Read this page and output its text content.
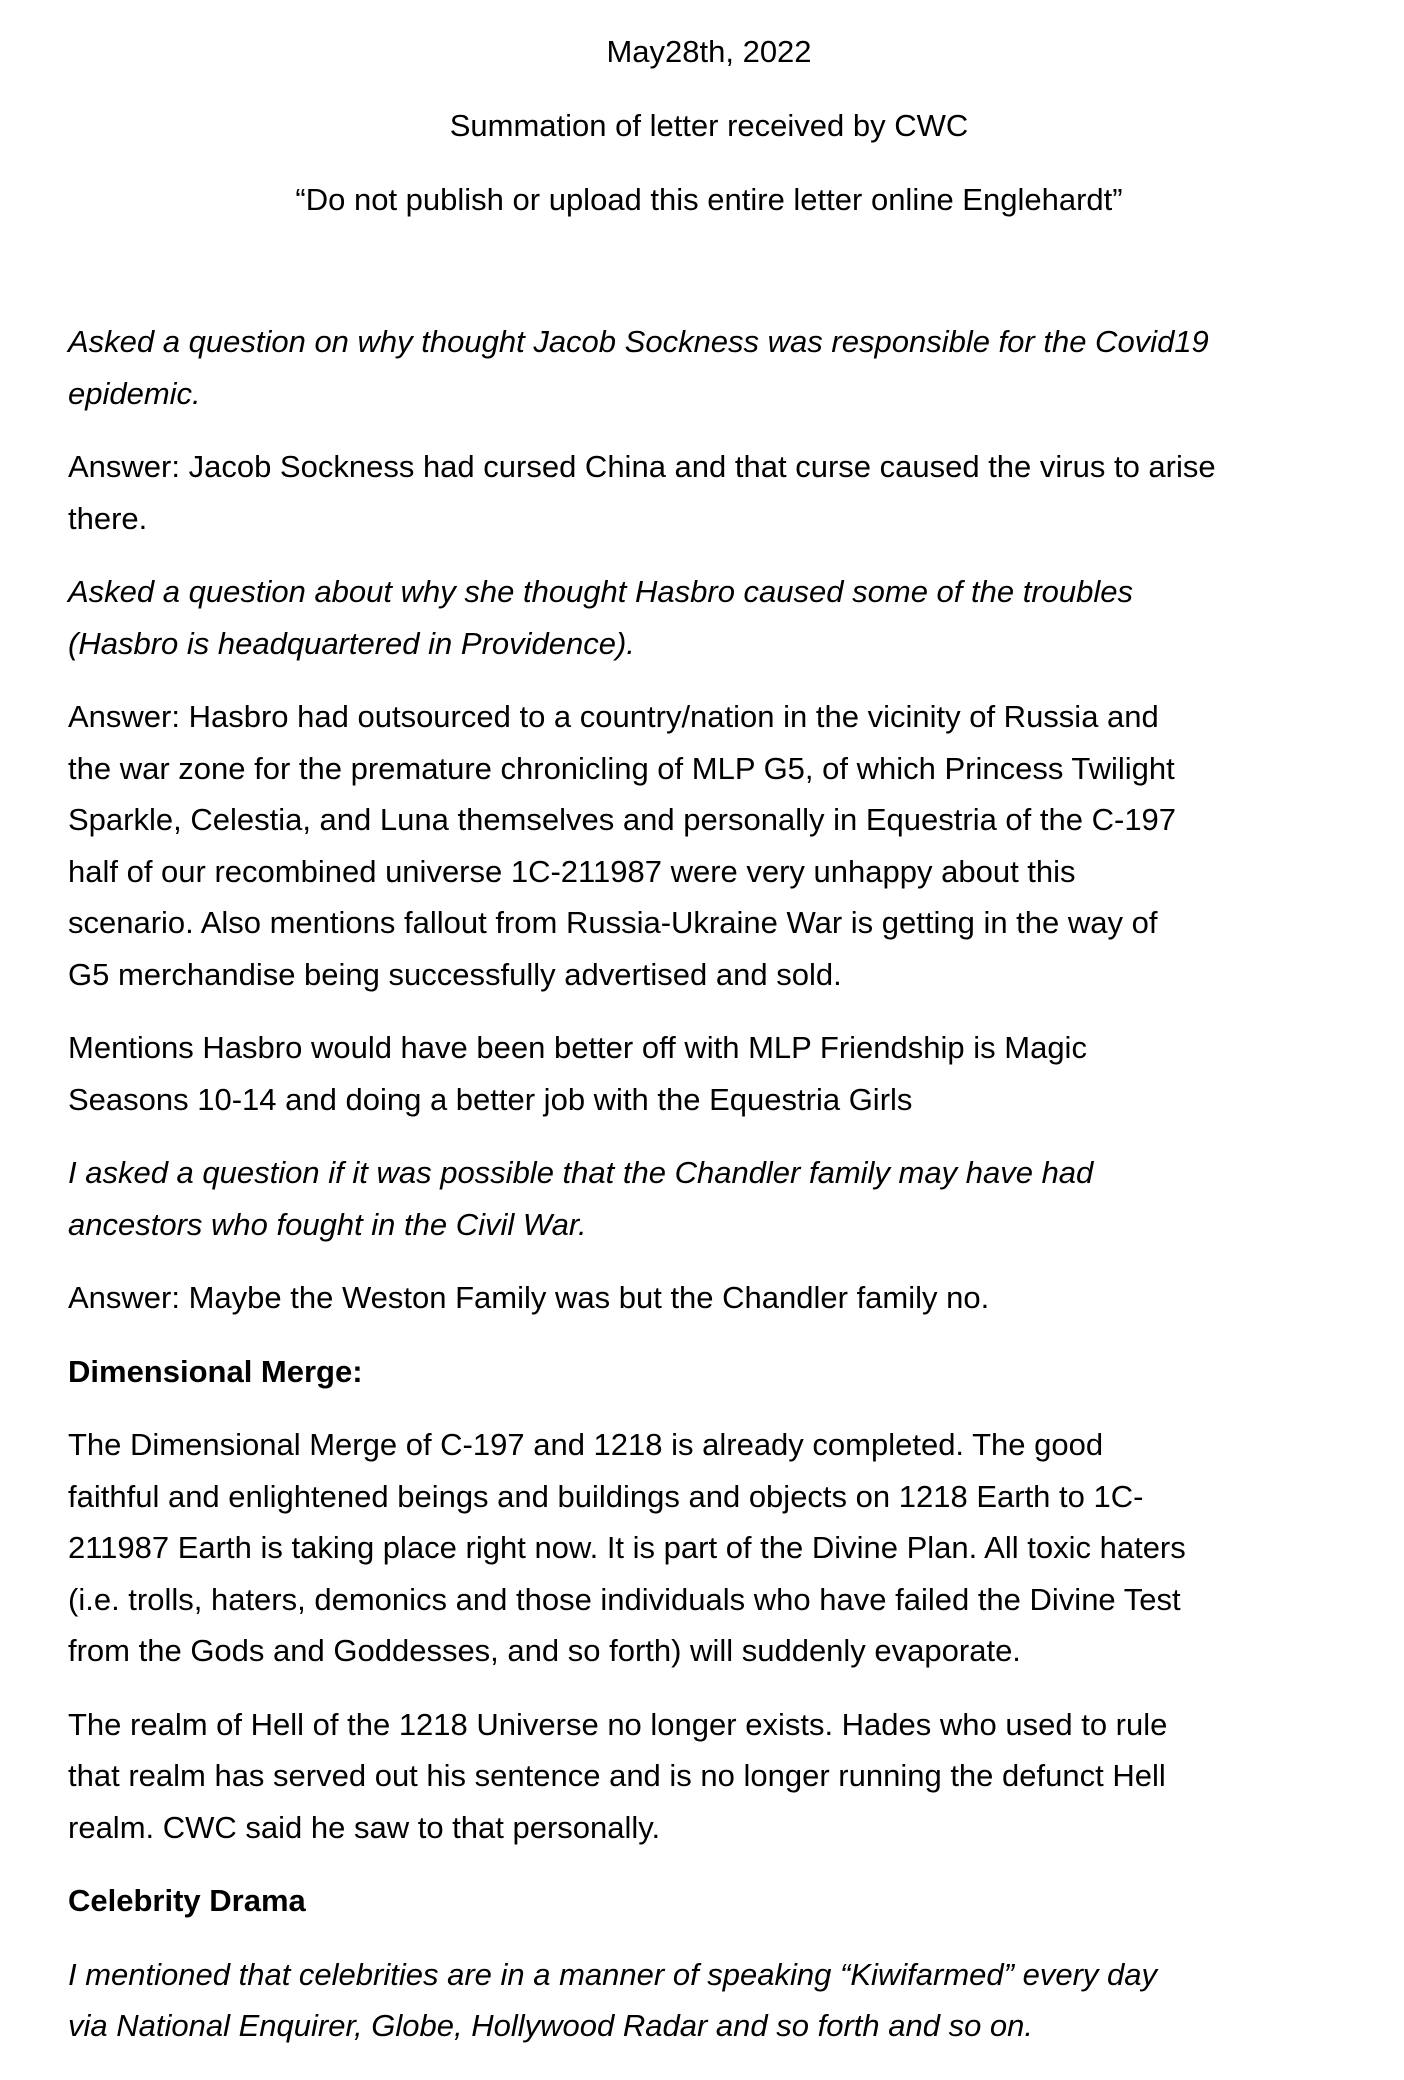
May28th, 2022
Summation of letter received by CWC
“Do not publish or upload this entire letter online Englehardt”

Asked a question on why thought Jacob Sockness was responsible for the Covid19
epidemic.

Answer: Jacob Sockness had cursed China and that curse caused the virus to arise
there.

Asked a question about why she thought Hasbro caused some of the troubles
(Hasbro is headquartered in Providence).

Answer: Hasbro had outsourced to a country/nation in the vicinity of Russia and
the war zone for the premature chronicling of MLP G5, of which Princess Twilight
Sparkle, Celestia, and Luna themselves and personally in Equestria of the C-197
half of our recombined universe 1C-211987 were very unhappy about this
scenario. Also mentions fallout from Russia-Ukraine War is getting in the way of
G5 merchandise being successfully advertised and sold.

Mentions Hasbro would have been better off with MLP Friendship is Magic
Seasons 10-14 and doing a better job with the Equestria Girls

I asked a question if it was possible that the Chandler family may have had
ancestors who fought in the Civil War.

Answer: Maybe the Weston Family was but the Chandler family no.

Dimensional Merge:

The Dimensional Merge of C-197 and 1218 is already completed. The good
faithful and enlightened beings and buildings and objects on 1218 Earth to 1C-
211987 Earth is taking place right now. It is part of the Divine Plan. All toxic haters
(i.e. trolls, haters, demonics and those individuals who have failed the Divine Test
from the Gods and Goddesses, and so forth) will suddenly evaporate.

The realm of Hell of the 1218 Universe no longer exists. Hades who used to rule
that realm has served out his sentence and is no longer running the defunct Hell
realm. CWC said he saw to that personally.

Celebrity Drama

I mentioned that celebrities are in a manner of speaking “Kiwifarmed” every day
via National Enquirer, Globe, Hollywood Radar and so forth and so on.
